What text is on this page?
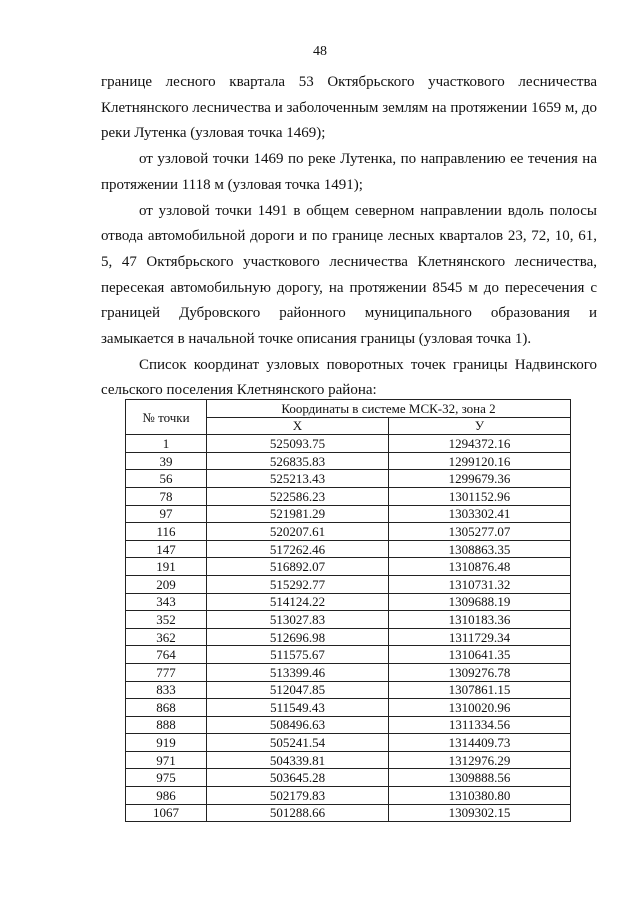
48

границе лесного квартала 53 Октябрьского участкового лесничества Клетнянского лесничества и заболоченным землям на протяжении 1659 м, до реки Лутенка (узловая точка 1469);

от узловой точки 1469 по реке Лутенка, по направлению ее течения на протяжении 1118 м (узловая точка 1491);

от узловой точки 1491 в общем северном направлении вдоль полосы отвода автомобильной дороги и по границе лесных кварталов 23, 72, 10, 61, 5, 47 Октябрьского участкового лесничества Клетнянского лесничества, пересекая автомобильную дорогу, на протяжении 8545 м до пересечения с границей Дубровского районного муниципального образования и замыкается в начальной точке описания границы (узловая точка 1).

Список координат узловых поворотных точек границы Надвинского сельского поселения Клетнянского района:

№ точки	Координаты в системе МСК-32, зона 2	
	X	У
1	525093.75	1294372.16
39	526835.83	1299120.16
56	525213.43	1299679.36
78	522586.23	1301152.96
97	521981.29	1303302.41
116	520207.61	1305277.07
147	517262.46	1308863.35
191	516892.07	1310876.48
209	515292.77	1310731.32
343	514124.22	1309688.19
352	513027.83	1310183.36
362	512696.98	1311729.34
764	511575.67	1310641.35
777	513399.46	1309276.78
833	512047.85	1307861.15
868	511549.43	1310020.96
888	508496.63	1311334.56
919	505241.54	1314409.73
971	504339.81	1312976.29
975	503645.28	1309888.56
986	502179.83	1310380.80
1067	501288.66	1309302.15
